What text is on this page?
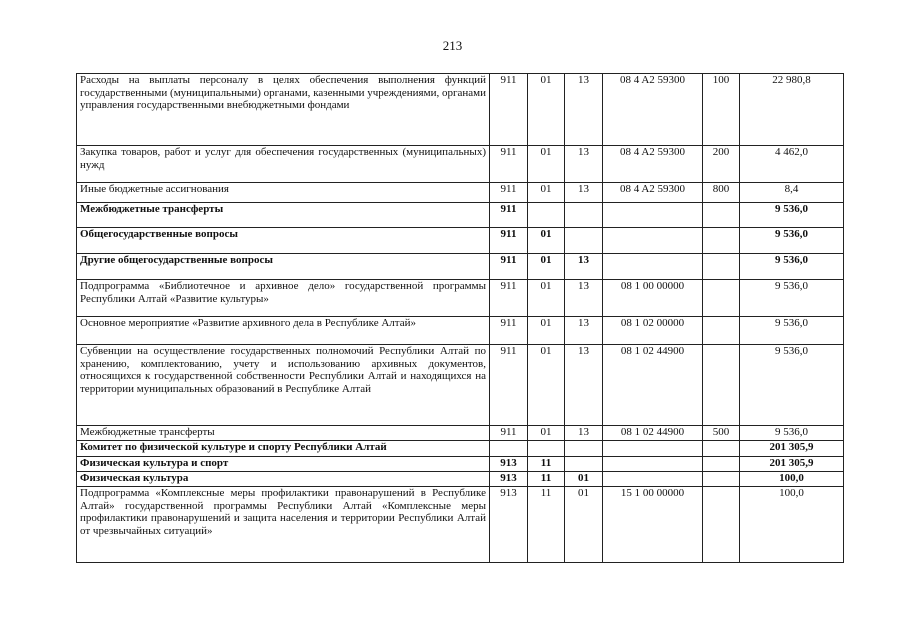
213
Расходы на выплаты персоналу в целях обеспечения выполнения функций государственными (муниципальными) органами, казенными учреждениями, органами управления государственными внебюджетными фондами	911	01	13	08 4 A2 59300	100	22 980,8
Закупка товаров, работ и услуг для обеспечения государственных (муниципальных) нужд	911	01	13	08 4 A2 59300	200	4 462,0
Иные бюджетные ассигнования	911	01	13	08 4 A2 59300	800	8,4
Межбюджетные трансферты	911					9 536,0
Общегосударственные вопросы	911	01				9 536,0
Другие общегосударственные вопросы	911	01	13			9 536,0
Подпрограмма «Библиотечное и архивное дело» государственной программы Республики Алтай «Развитие культуры»	911	01	13	08 1 00 00000		9 536,0
Основное мероприятие «Развитие архивного дела в Республике Алтай»	911	01	13	08 1 02 00000		9 536,0
Субвенции на осуществление государственных полномочий Республики Алтай по хранению, комплектованию, учету и использованию архивных документов, относящихся к государственной собственности Республики Алтай и находящихся на территории муниципальных образований в Республике Алтай	911	01	13	08 1 02 44900		9 536,0
Межбюджетные трансферты	911	01	13	08 1 02 44900	500	9 536,0
Комитет по физической культуре и спорту Республики Алтай						201 305,9
Физическая культура и спорт	913	11				201 305,9
Физическая культура	913	11	01			100,0
Подпрограмма «Комплексные меры профилактики правонарушений в Республике Алтай» государственной программы Республики Алтай «Комплексные меры профилактики правонарушений и защита населения и территории Республики Алтай от чрезвычайных ситуаций»	913	11	01	15 1 00 00000		100,0
